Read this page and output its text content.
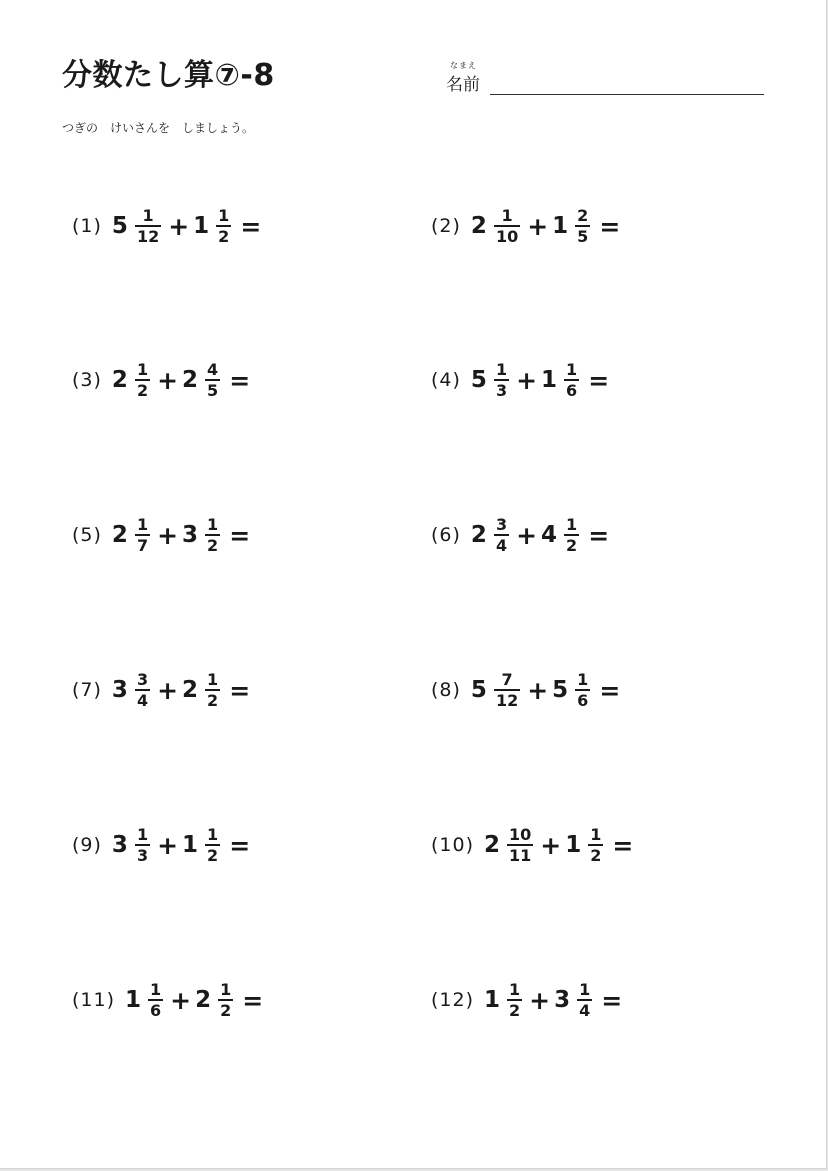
分数たし算⑦-8	なまえ
名前
つぎの　けいさんを　しましょう。
(1) $5 \frac{1}{12} + 1 \frac{1}{2}$ =	(2) $2 \frac{1}{10} + 1 \frac{2}{5}$ =
(3) $2 \frac{1}{2} + 2 \frac{4}{5}$ =	(4) $5 \frac{1}{3} + 1 \frac{1}{6}$ =
(5) $2 \frac{1}{7} + 3 \frac{1}{2}$ =	(6) $2 \frac{3}{4} + 4 \frac{1}{2}$ =
(7) $3 \frac{3}{4} + 2 \frac{1}{2}$ =	(8) $5 \frac{7}{12} + 5 \frac{1}{6}$ =
(9) $3 \frac{1}{3} + 1 \frac{1}{2}$ =	(10) $2 \frac{10}{11} + 1 \frac{1}{2}$ =
(11) $1 \frac{1}{6} + 2 \frac{1}{2}$ =	(12) $1 \frac{1}{2} + 3 \frac{1}{4}$ =
